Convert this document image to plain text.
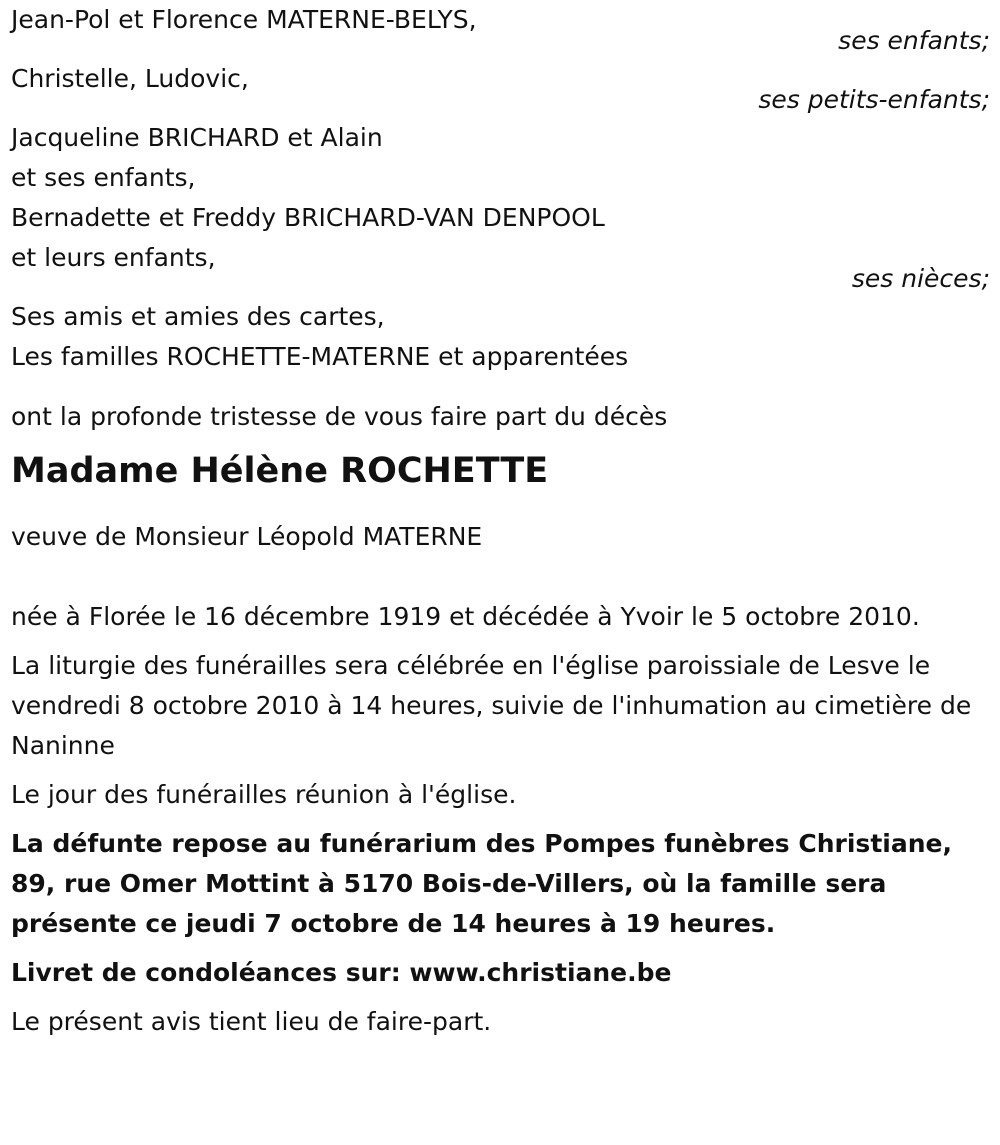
Jean-Pol et Florence MATERNE-BELYS,
ses enfants;
Christelle, Ludovic,
ses petits-enfants;
Jacqueline BRICHARD et Alain
et ses enfants,
Bernadette et Freddy BRICHARD-VAN DENPOOL
et leurs enfants,
ses nièces;
Ses amis et amies des cartes,
Les familles ROCHETTE-MATERNE et apparentées
ont la profonde tristesse de vous faire part du décès
Madame Hélène ROCHETTE
veuve de Monsieur Léopold MATERNE
née à Florée le 16 décembre 1919 et décédée à Yvoir le 5 octobre 2010.
La liturgie des funérailles sera célébrée en l'église paroissiale de Lesve le vendredi 8 octobre 2010 à 14 heures, suivie de l'inhumation au cimetière de Naninne
Le jour des funérailles réunion à l'église.
La défunte repose au funérarium des Pompes funèbres Christiane, 89, rue Omer Mottint à 5170 Bois-de-Villers, où la famille sera présente ce jeudi 7 octobre de 14 heures à 19 heures.
Livret de condoléances sur: www.christiane.be
Le présent avis tient lieu de faire-part.
